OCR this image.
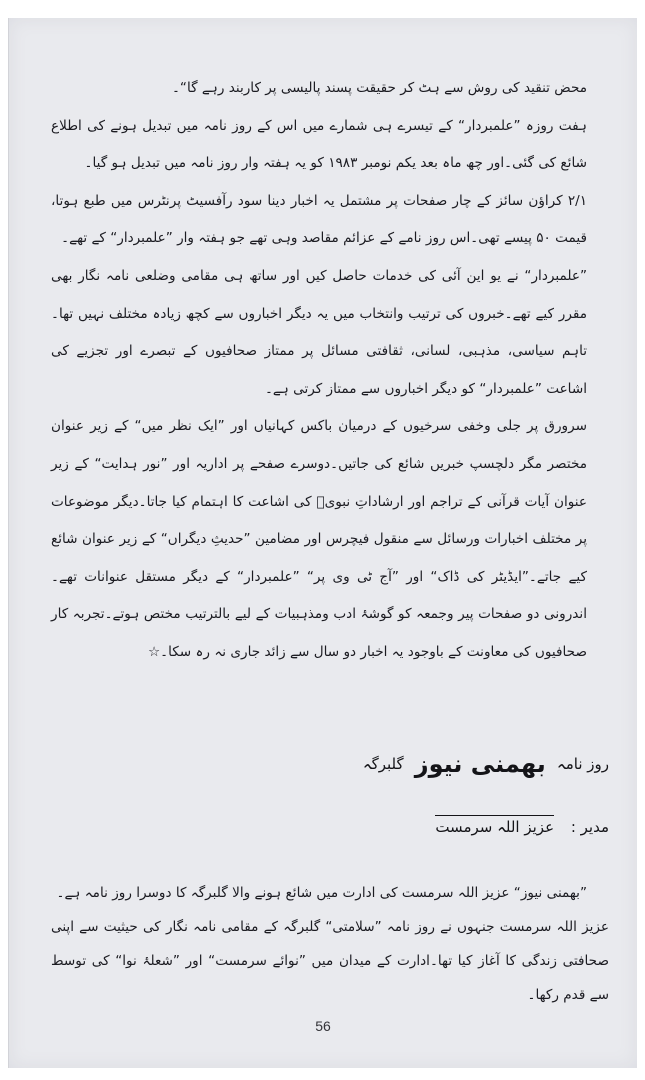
محض تنقید کی روش سے ہٹ کر حقیقت پسند پالیسی پر کاربند رہے گا“۔

ہفت روزہ ”علمبردار“ کے تیسرے ہی شمارے میں اس کے روز نامہ میں تبدیل ہونے کی اطلاع شائع کی گئی۔اور چھ ماہ بعد یکم نومبر ۱۹۸۳ کو یہ ہفتہ وار روز نامہ میں تبدیل ہو گیا۔

۲/۱ کراؤن سائز کے چار صفحات پر مشتمل یہ اخبار دینا سود رآفسیٹ پرنٹرس میں طبع ہوتا، قیمت ۵۰ پیسے تھی۔اس روز نامے کے عزائم مقاصد وہی تھے جو ہفتہ وار ”علمبردار“ کے تھے۔

”علمبردار“ نے یو این آئی کی خدمات حاصل کیں اور ساتھ ہی مقامی وضلعی نامہ نگار بھی مقرر کیے تھے۔خبروں کی ترتیب وانتخاب میں یہ دیگر اخباروں سے کچھ زیادہ مختلف نہیں تھا۔تاہم سیاسی، مذہبی، لسانی، ثقافتی مسائل پر ممتاز صحافیوں کے تبصرے اور تجزیے کی اشاعت ”علمبردار“ کو دیگر اخباروں سے ممتاز کرتی ہے۔

سرورق پر جلی وخفی سرخیوں کے درمیان باکس کہانیاں اور ”ایک نظر میں“ کے زیر عنوان مختصر مگر دلچسپ خبریں شائع کی جاتیں۔دوسرے صفحے پر اداریہ اور ”نور ہدایت“ کے زیر عنوان آیات قرآنی کے تراجم اور ارشاداتِ نبویؐ کی اشاعت کا اہتمام کیا جاتا۔دیگر موضوعات پر مختلف اخبارات ورسائل سے منقول فیچرس اور مضامین ”حدیثِ دیگراں“ کے زیر عنوان شائع کیے جاتے۔”ایڈیٹر کی ڈاک“ اور ”آج ٹی وی پر“ ”علمبردار“ کے دیگر مستقل عنوانات تھے۔اندرونی دو صفحات پیر وجمعہ کو گوشۂ ادب ومذہبیات کے لیے بالترتیب مختص ہوتے۔تجربہ کار صحافیوں کی معاونت کے باوجود یہ اخبار دو سال سے زائد جاری نہ رہ سکا۔☆

روز نامہ بھمنی نیوز گلبرگہ
مدیر : عزیز اللہ سرمست

”بھمنی نیوز“ عزیز اللہ سرمست کی ادارت میں شائع ہونے والا گلبرگہ کا دوسرا روز نامہ ہے۔

عزیز اللہ سرمست جنہوں نے روز نامہ ”سلامتی“ گلبرگہ کے مقامی نامہ نگار کی حیثیت سے اپنی صحافتی زندگی کا آغاز کیا تھا۔ادارت کے میدان میں ”نوائے سرمست“ اور ”شعلۂ نوا“ کی توسط سے قدم رکھا۔

56
